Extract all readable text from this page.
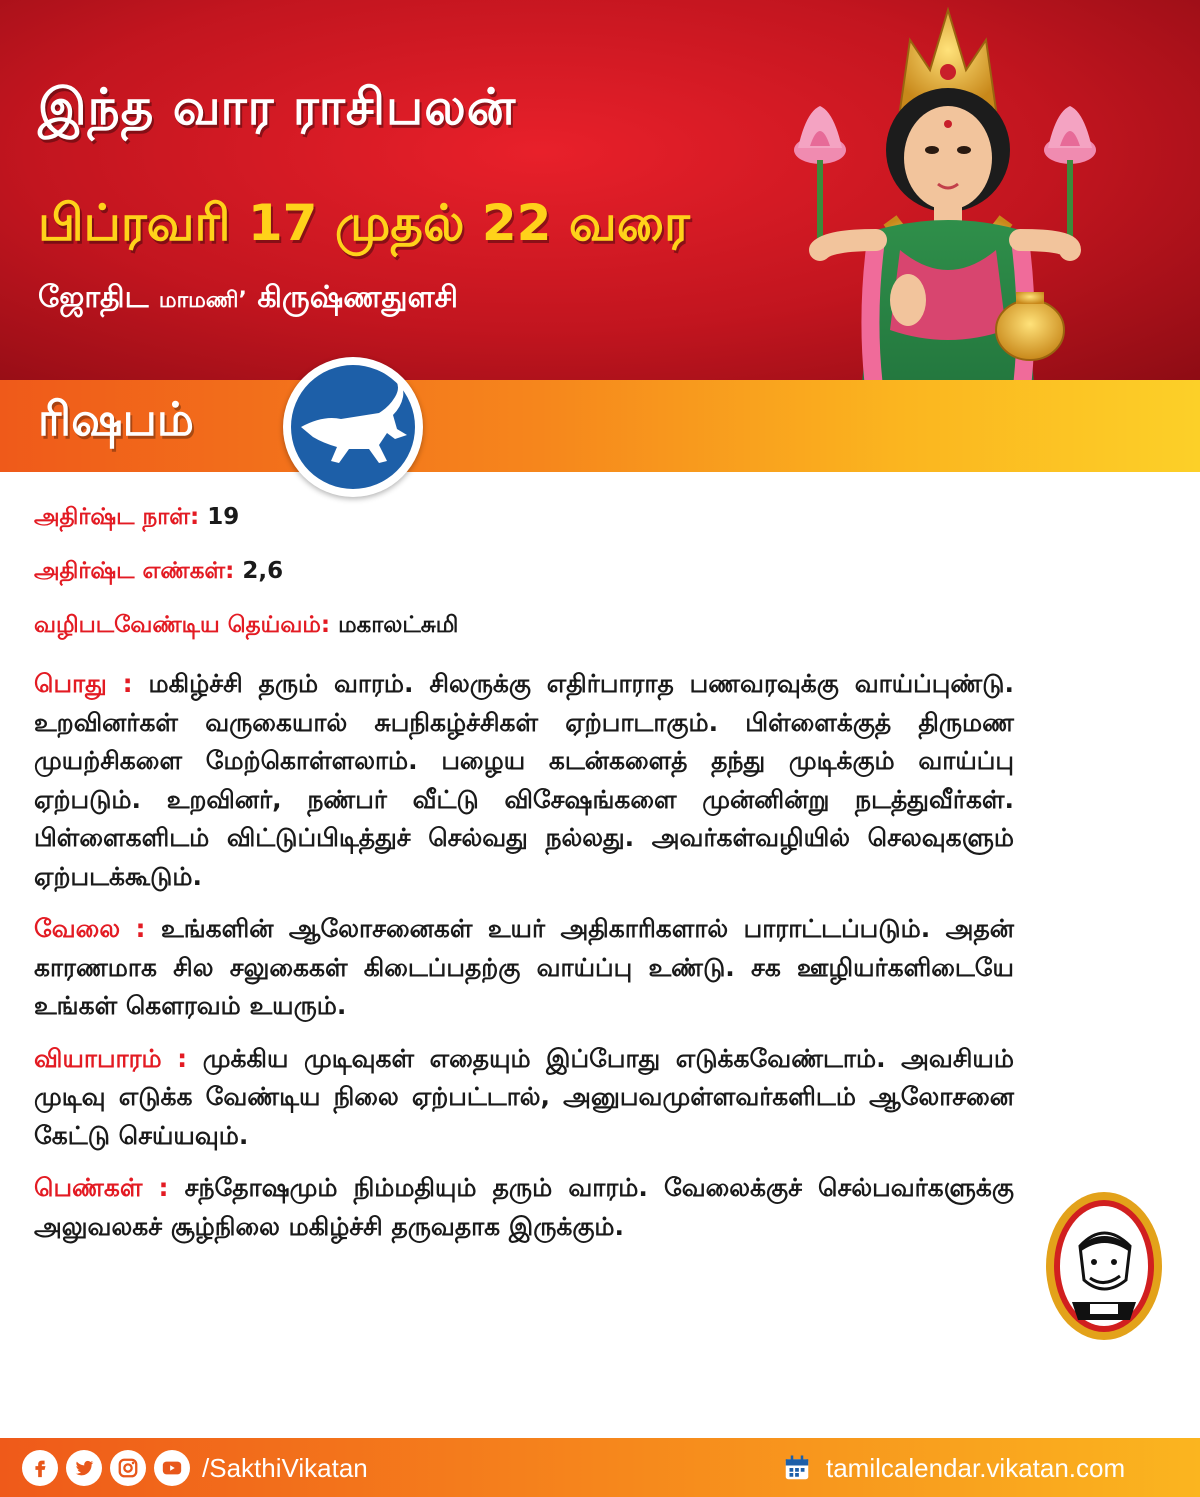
இந்த வார ராசிபலன்
பிப்ரவரி 17 முதல் 22 வரை
ஜோதிட மாமணி’ கிருஷ்ணதுளசி
ரிஷபம்
அதிர்ஷ்ட நாள்: 19
அதிர்ஷ்ட எண்கள்: 2,6
வழிபடவேண்டிய தெய்வம்: மகாலட்சுமி

பொது : மகிழ்ச்சி தரும் வாரம். சிலருக்கு எதிர்பாராத பணவரவுக்கு வாய்ப்புண்டு. உறவினர்கள் வருகையால் சுபநிகழ்ச்சிகள் ஏற்பாடாகும். பிள்ளைக்குத் திருமண முயற்சிகளை மேற்கொள்ளலாம். பழைய கடன்களைத் தந்து முடிக்கும் வாய்ப்பு ஏற்படும். உறவினர், நண்பர் வீட்டு விசேஷங்களை முன்னின்று நடத்துவீர்கள். பிள்ளைகளிடம் விட்டுப்பிடித்துச் செல்வது நல்லது. அவர்கள்வழியில் செலவுகளும் ஏற்படக்கூடும்.

வேலை : உங்களின் ஆலோசனைகள் உயர் அதிகாரிகளால் பாராட்டப்படும். அதன் காரணமாக சில சலுகைகள் கிடைப்பதற்கு வாய்ப்பு உண்டு. சக ஊழியர்களிடையே உங்கள் கௌரவம் உயரும்.

வியாபாரம் : முக்கிய முடிவுகள் எதையும் இப்போது எடுக்கவேண்டாம். அவசியம் முடிவு எடுக்க வேண்டிய நிலை ஏற்பட்டால், அனுபவமுள்ளவர்களிடம் ஆலோசனை கேட்டு செய்யவும்.

பெண்கள் : சந்தோஷமும் நிம்மதியும் தரும் வாரம். வேலைக்குச் செல்பவர்களுக்கு அலுவலகச் சூழ்நிலை மகிழ்ச்சி தருவதாக இருக்கும்.

/SakthiVikatan	tamilcalendar.vikatan.com
